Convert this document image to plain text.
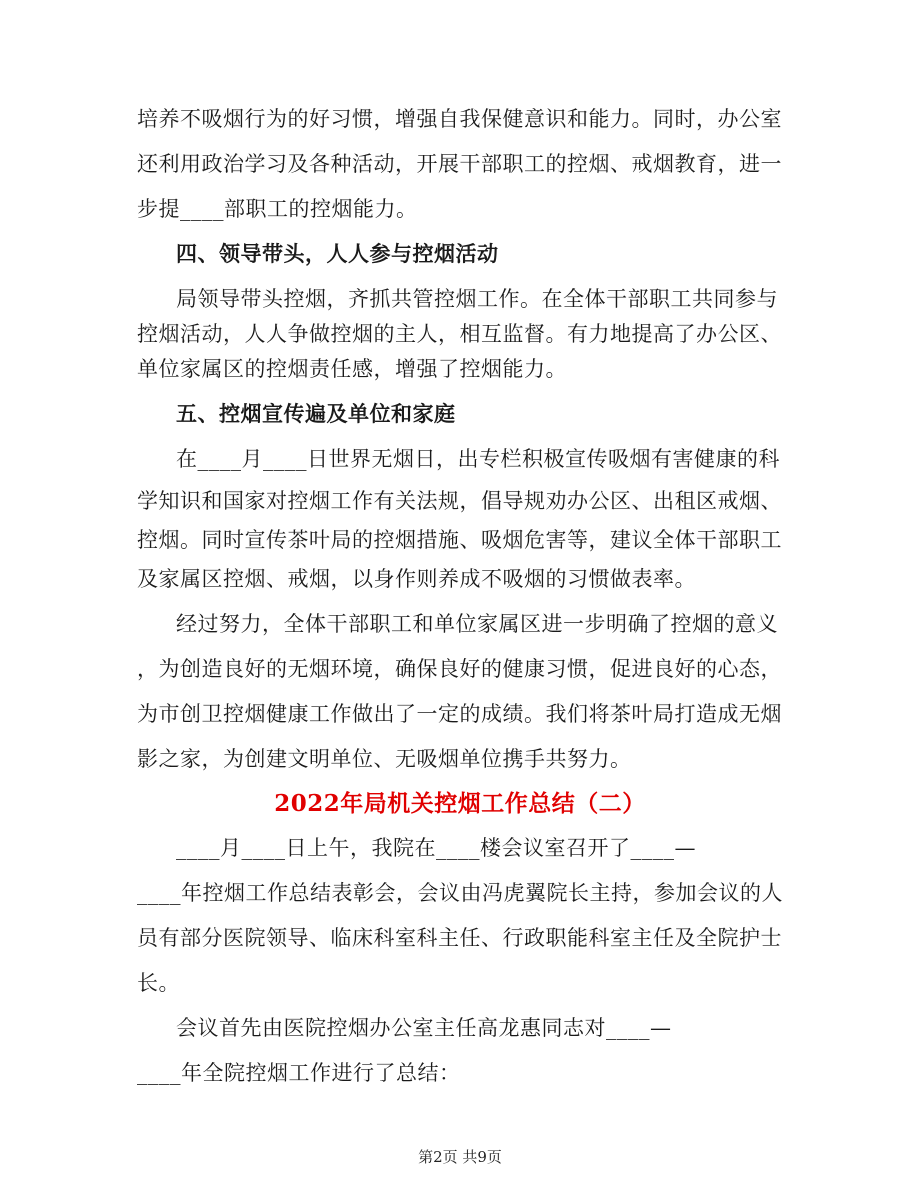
培养不吸烟行为的好习惯，增强自我保健意识和能力。同时，办公室
还利用政治学习及各种活动，开展干部职工的控烟、戒烟教育，进一
步提____部职工的控烟能力。
四、领导带头，人人参与控烟活动
局领导带头控烟，齐抓共管控烟工作。在全体干部职工共同参与
控烟活动，人人争做控烟的主人，相互监督。有力地提高了办公区、
单位家属区的控烟责任感，增强了控烟能力。
五、控烟宣传遍及单位和家庭
在____月____日世界无烟日，出专栏积极宣传吸烟有害健康的科
学知识和国家对控烟工作有关法规，倡导规劝办公区、出租区戒烟、
控烟。同时宣传茶叶局的控烟措施、吸烟危害等，建议全体干部职工
及家属区控烟、戒烟，以身作则养成不吸烟的习惯做表率。
经过努力，全体干部职工和单位家属区进一步明确了控烟的意义
，为创造良好的无烟环境，确保良好的健康习惯，促进良好的心态，
为市创卫控烟健康工作做出了一定的成绩。我们将茶叶局打造成无烟
影之家，为创建文明单位、无吸烟单位携手共努力。
2022年局机关控烟工作总结（二）
____月____日上午，我院在____楼会议室召开了____—
____年控烟工作总结表彰会，会议由冯虎翼院长主持，参加会议的人
员有部分医院领导、临床科室科主任、行政职能科室主任及全院护士
长。
会议首先由医院控烟办公室主任高龙惠同志对____—
____年全院控烟工作进行了总结：
第2页 共9页
